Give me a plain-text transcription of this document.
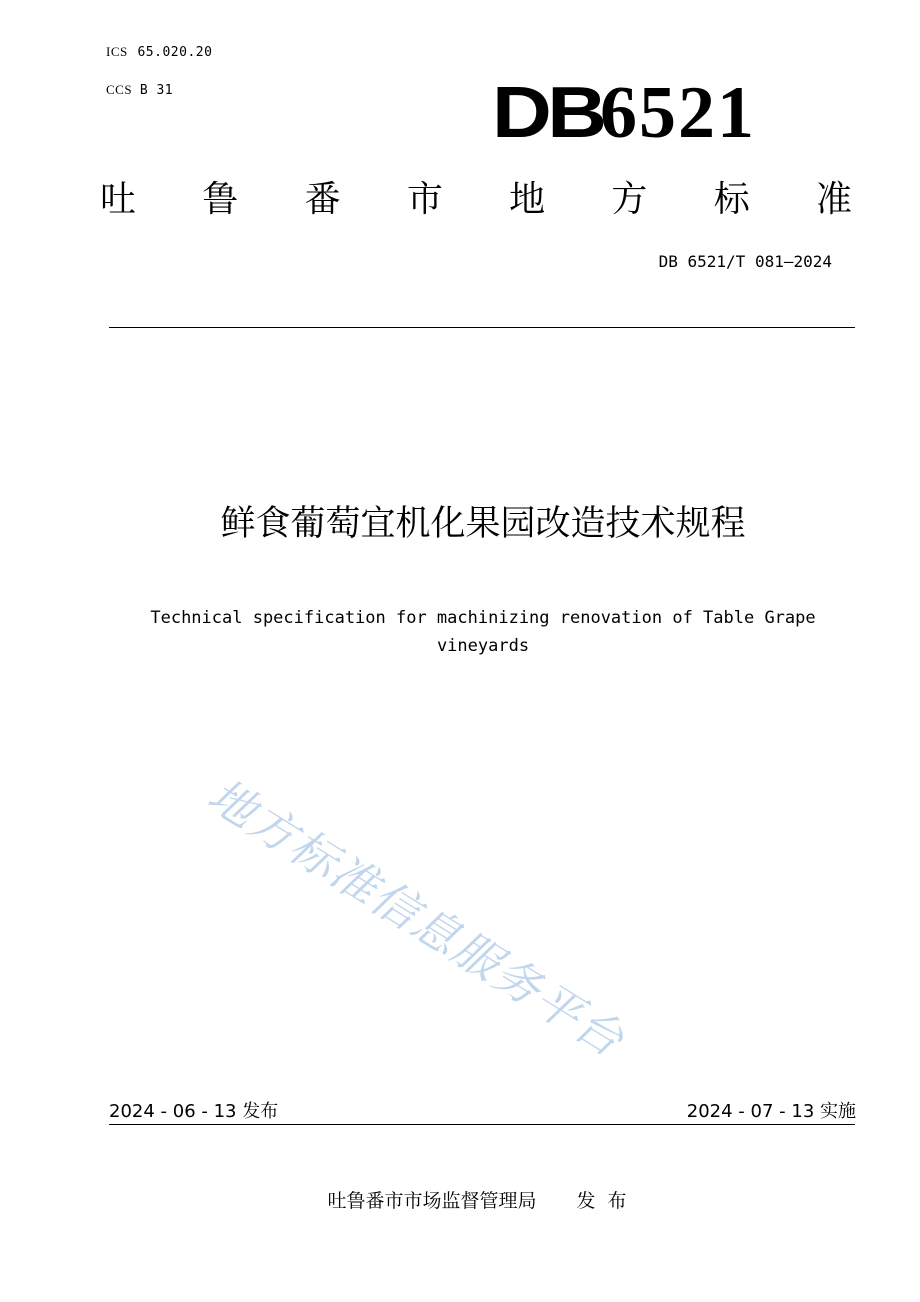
ICS 65.020.20
CCS B 31	DB6521
吐 鲁 番 市 地 方 标 准
DB 6521/T 081—2024
鲜食葡萄宜机化果园改造技术规程
Technical specification for machinizing renovation of Table Grape
vineyards
地方标准信息服务平台
2024 - 06 - 13 发布	2024 - 07 - 13 实施
吐鲁番市市场监督管理局 发布
